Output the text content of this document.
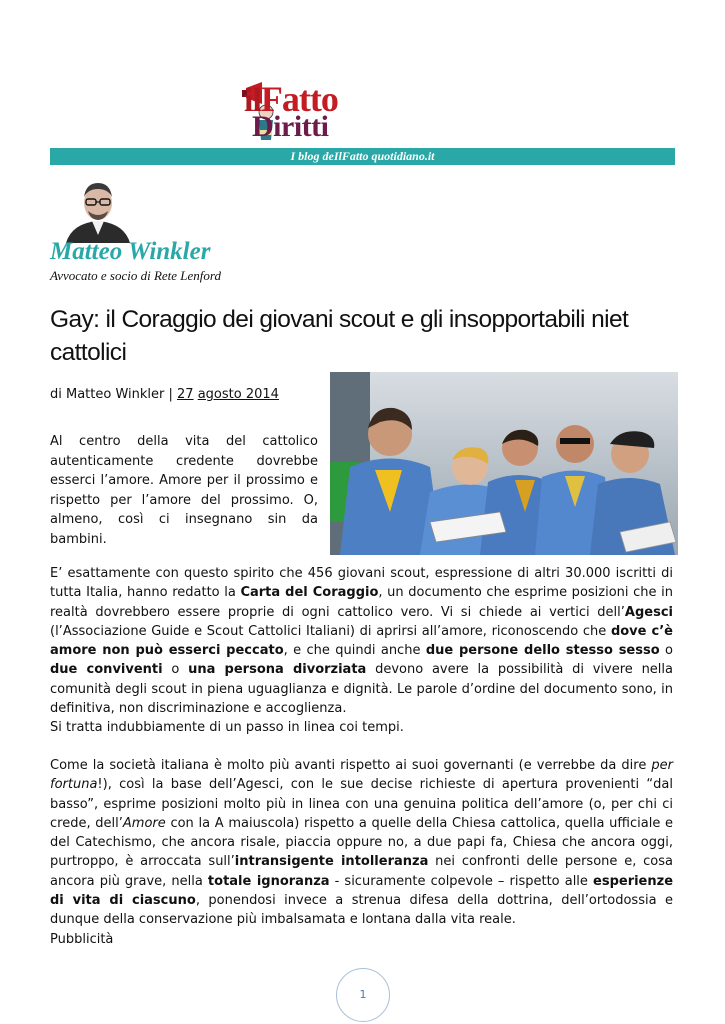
ilFatto
Diritti
I blog deIlFatto quotidiano.it
Matteo Winkler
Avvocato e socio di Rete Lenford
Gay: il Coraggio dei giovani scout e gli insopportabili niet cattolici
di Matteo Winkler | 27 agosto 2014
Al centro della vita del cattolico autenticamente credente dovrebbe esserci l’amore. Amore per il prossimo e rispetto per l’amore del prossimo. O, almeno, così ci insegnano sin da bambini.
E’ esattamente con questo spirito che 456 giovani scout, espressione di altri 30.000 iscritti di tutta Italia, hanno redatto la Carta del Coraggio, un documento che esprime posizioni che in realtà dovrebbero essere proprie di ogni cattolico vero. Vi si chiede ai vertici dell’Agesci (l’Associazione Guide e Scout Cattolici Italiani) di aprirsi all’amore, riconoscendo che dove c’è amore non può esserci peccato, e che quindi anche due persone dello stesso sesso o due conviventi o una persona divorziata devono avere la possibilità di vivere nella comunità degli scout in piena uguaglianza e dignità. Le parole d’ordine del documento sono, in definitiva, non discriminazione e accoglienza.
Si tratta indubbiamente di un passo in linea coi tempi.
Come la società italiana è molto più avanti rispetto ai suoi governanti (e verrebbe da dire per fortuna!), così la base dell’Agesci, con le sue decise richieste di apertura provenienti “dal basso”, esprime posizioni molto più in linea con una genuina politica dell’amore (o, per chi ci crede, dell’Amore con la A maiuscola) rispetto a quelle della Chiesa cattolica, quella ufficiale e del Catechismo, che ancora risale, piaccia oppure no, a due papi fa, Chiesa che ancora oggi, purtroppo, è arroccata sull’intransigente intolleranza nei confronti delle persone e, cosa ancora più grave, nella totale ignoranza - sicuramente colpevole – rispetto alle esperienze di vita di ciascuno, ponendosi invece a strenua difesa della dottrina, dell’ortodossia e dunque della conservazione più imbalsamata e lontana dalla vita reale.
Pubblicità
1
